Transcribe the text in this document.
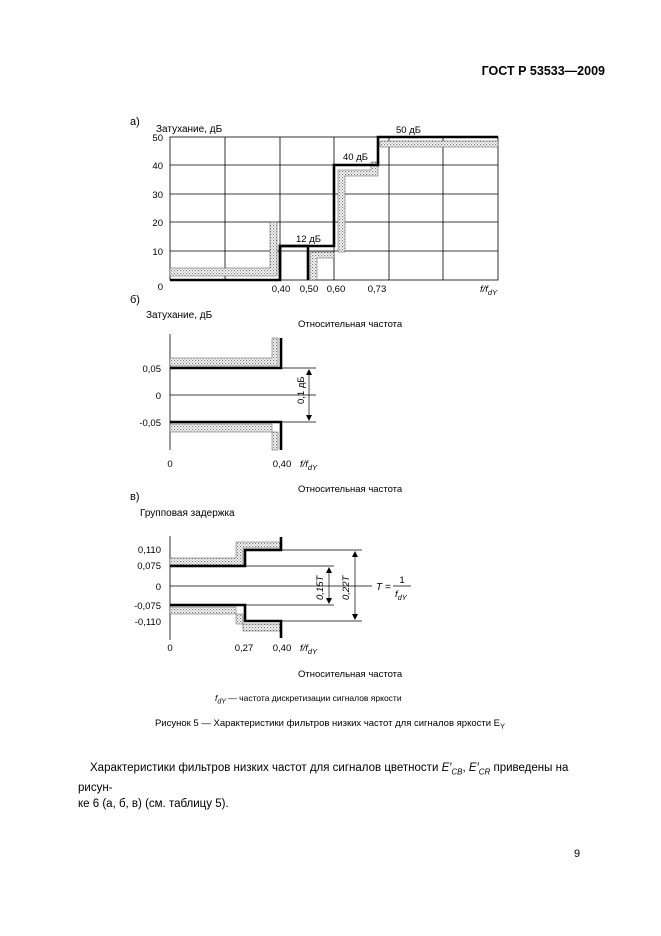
ГОСТ Р 53533—2009
а)
Затухание, дБ
50
40
30
20
10
0	0,40 0,50 0,60 0,73	$f/f_{dY}$
12 дБ
40 дБ
50 дБ
б)
Затухание, дБ
Относительная частота
0,1 дБ
0,05
0
-0,05
0	0,40 $f/f_{dY}$
Относительная частота
в)
Групповая задержка
0,15T 0,22T T =
1
$f_{dY}$
0,110
0,075
0
-0,075
-0,110
0	0,27 0,40 $f/f_{dY}$
Относительная частота
$f_{dY}$ — частота дискретизации сигналов яркости
Рисунок 5 — Характеристики фильтров низких частот для сигналов яркости $E_Y$
Характеристики фильтров низких частот для сигналов цветности $E'_{CB}$, $E'_{CR}$ приведены на рисун-
ке 6 (а, б, в) (см. таблицу 5).
9
